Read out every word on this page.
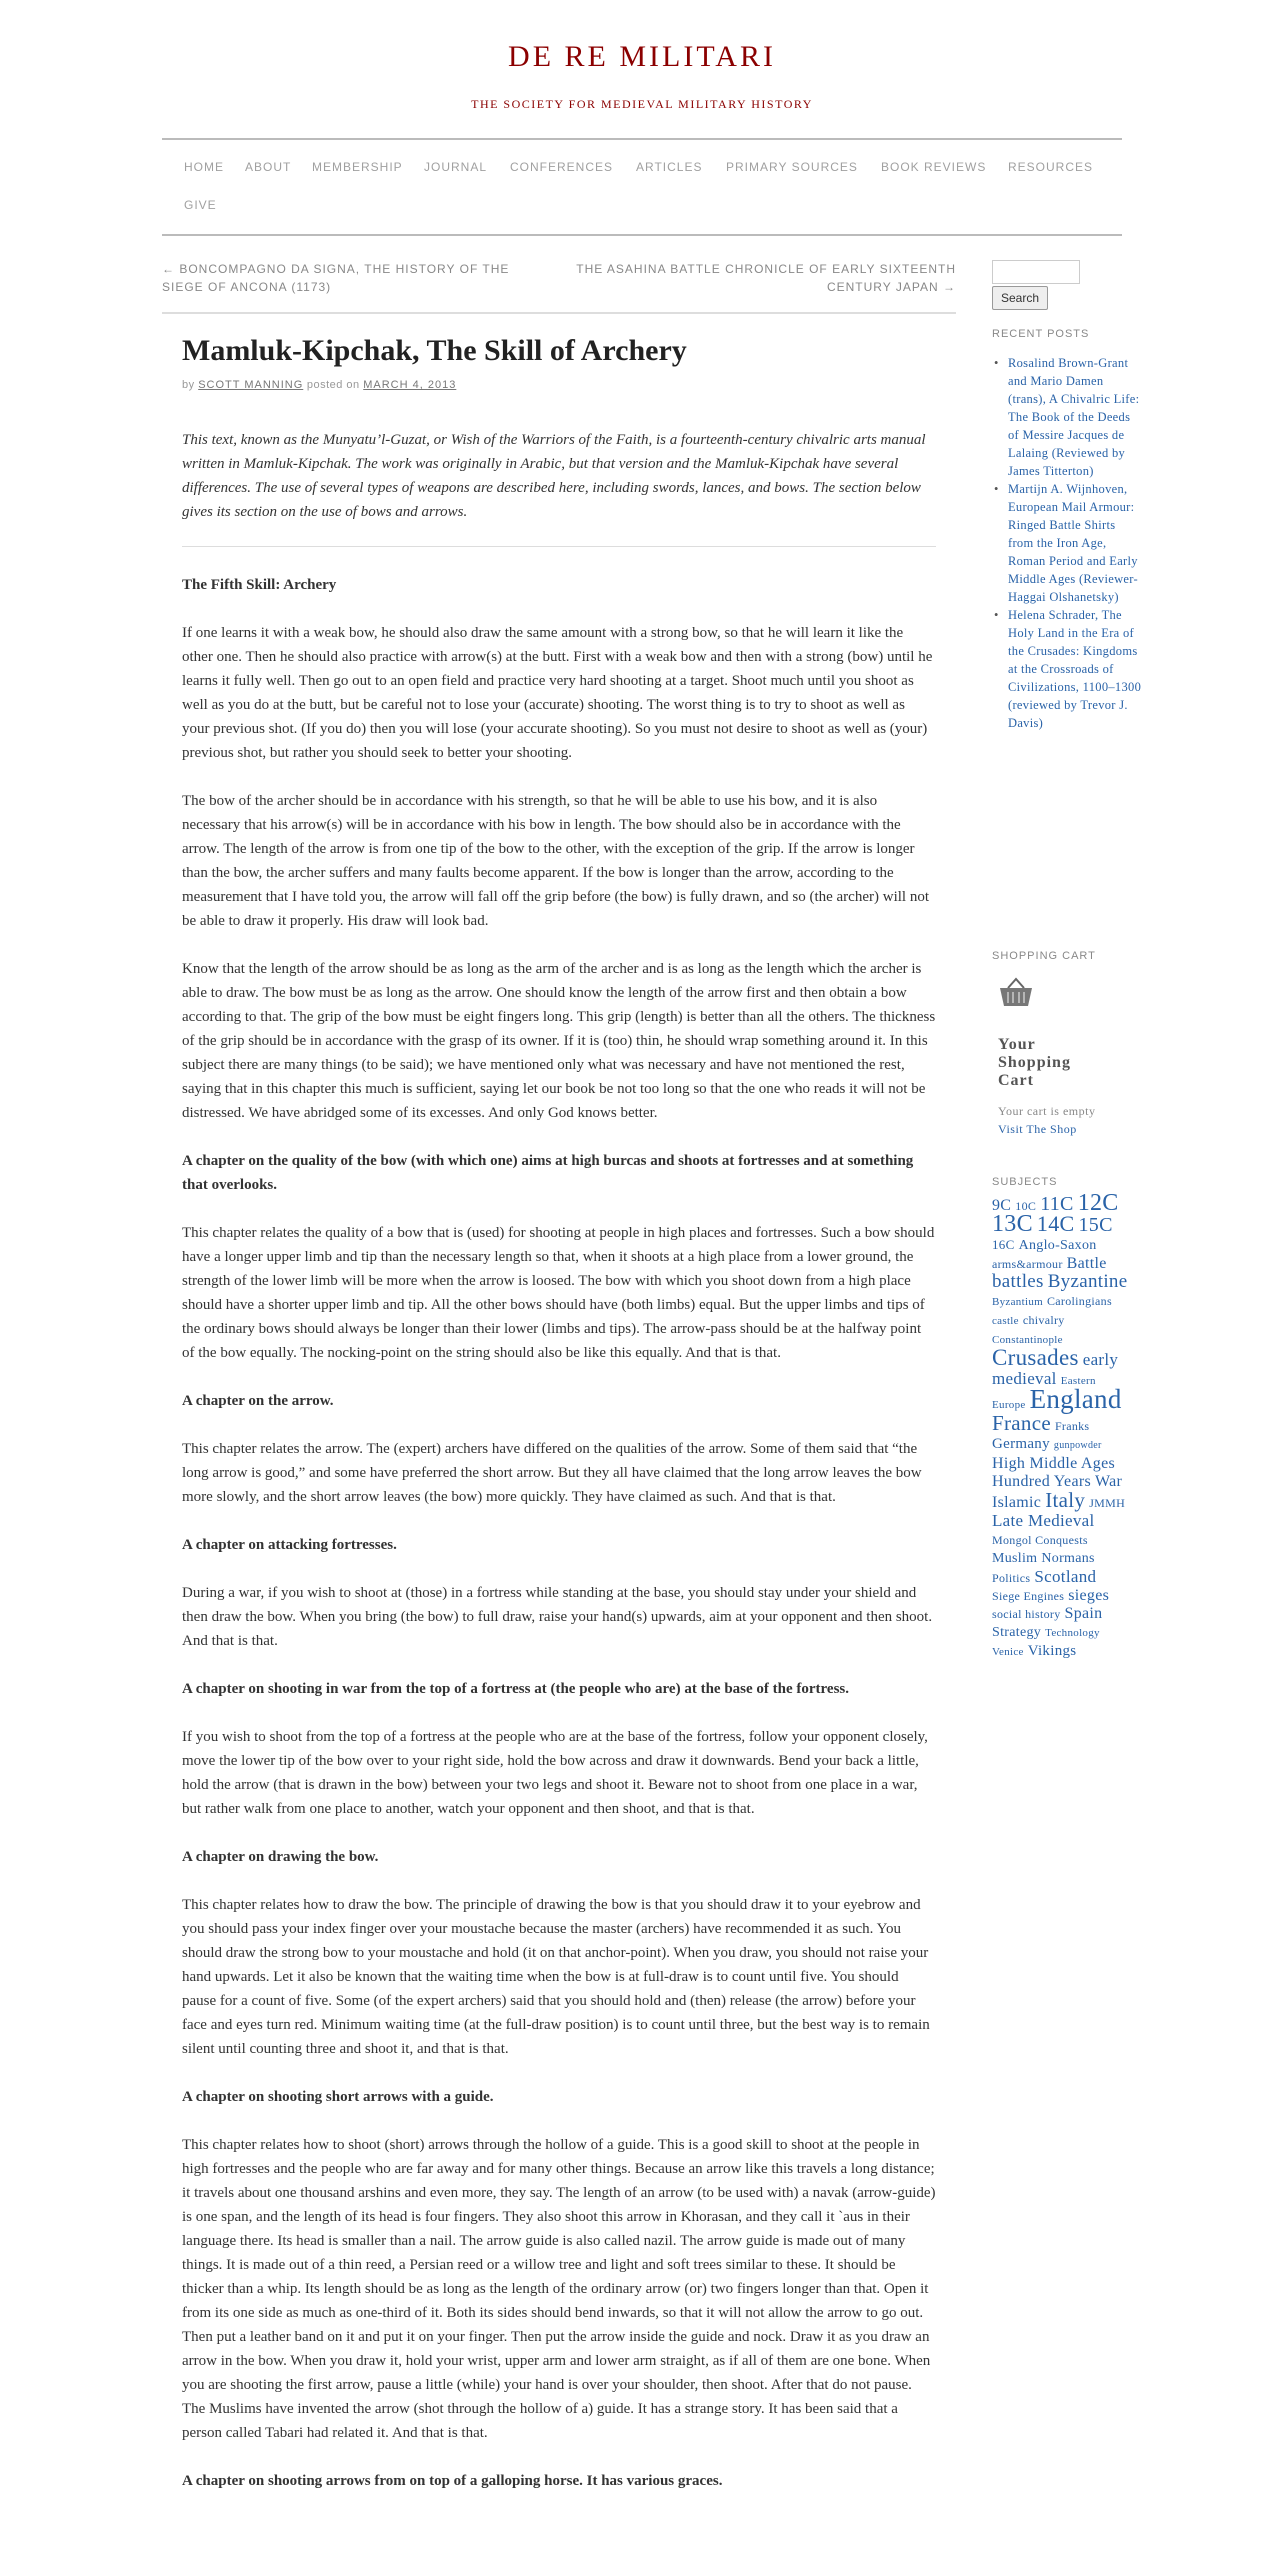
DE RE MILITARI
THE SOCIETY FOR MEDIEVAL MILITARY HISTORY
HOME ABOUT MEMBERSHIP JOURNAL CONFERENCES ARTICLES PRIMARY SOURCES BOOK REVIEWS RESOURCES
GIVE
← BONCOMPAGNO DA SIGNA, THE HISTORY OF THE
SIEGE OF ANCONA (1173)
THE ASAHINA BATTLE CHRONICLE OF EARLY SIXTEENTH
CENTURY JAPAN →
Mamluk-Kipchak, The Skill of Archery
by SCOTT MANNING posted on MARCH 4, 2013

This text, known as the Munyatu’l-Guzat, or Wish of the Warriors of the Faith, is a fourteenth-century chivalric arts manual written in Mamluk-Kipchak. The work was originally in Arabic, but that version and the Mamluk-Kipchak have several differences. The use of several types of weapons are described here, including swords, lances, and bows. The section below gives its section on the use of bows and arrows.

The Fifth Skill: Archery

If one learns it with a weak bow, he should also draw the same amount with a strong bow, so that he will learn it like the other one. Then he should also practice with arrow(s) at the butt. First with a weak bow and then with a strong (bow) until he learns it fully well. Then go out to an open field and practice very hard shooting at a target. Shoot much until you shoot as well as you do at the butt, but be careful not to lose your (accurate) shooting. The worst thing is to try to shoot as well as your previous shot. (If you do) then you will lose (your accurate shooting). So you must not desire to shoot as well as (your) previous shot, but rather you should seek to better your shooting.

The bow of the archer should be in accordance with his strength, so that he will be able to use his bow, and it is also necessary that his arrow(s) will be in accordance with his bow in length. The bow should also be in accordance with the arrow. The length of the arrow is from one tip of the bow to the other, with the exception of the grip. If the arrow is longer than the bow, the archer suffers and many faults become apparent. If the bow is longer than the arrow, according to the measurement that I have told you, the arrow will fall off the grip before (the bow) is fully drawn, and so (the archer) will not be able to draw it properly. His draw will look bad.

Know that the length of the arrow should be as long as the arm of the archer and is as long as the length which the archer is able to draw. The bow must be as long as the arrow. One should know the length of the arrow first and then obtain a bow according to that. The grip of the bow must be eight fingers long. This grip (length) is better than all the others. The thickness of the grip should be in accordance with the grasp of its owner. If it is (too) thin, he should wrap something around it. In this subject there are many things (to be said); we have mentioned only what was necessary and have not mentioned the rest, saying that in this chapter this much is sufficient, saying let our book be not too long so that the one who reads it will not be distressed. We have abridged some of its excesses. And only God knows better.

A chapter on the quality of the bow (with which one) aims at high burcas and shoots at fortresses and at something that overlooks.

This chapter relates the quality of a bow that is (used) for shooting at people in high places and fortresses. Such a bow should have a longer upper limb and tip than the necessary length so that, when it shoots at a high place from a lower ground, the strength of the lower limb will be more when the arrow is loosed. The bow with which you shoot down from a high place should have a shorter upper limb and tip. All the other bows should have (both limbs) equal. But the upper limbs and tips of the ordinary bows should always be longer than their lower (limbs and tips). The arrow-pass should be at the halfway point of the bow equally. The nocking-point on the string should also be like this equally. And that is that.

A chapter on the arrow.

This chapter relates the arrow. The (expert) archers have differed on the qualities of the arrow. Some of them said that “the long arrow is good,” and some have preferred the short arrow. But they all have claimed that the long arrow leaves the bow more slowly, and the short arrow leaves (the bow) more quickly. They have claimed as such. And that is that.

A chapter on attacking fortresses.

During a war, if you wish to shoot at (those) in a fortress while standing at the base, you should stay under your shield and then draw the bow. When you bring (the bow) to full draw, raise your hand(s) upwards, aim at your opponent and then shoot. And that is that.

A chapter on shooting in war from the top of a fortress at (the people who are) at the base of the fortress.

If you wish to shoot from the top of a fortress at the people who are at the base of the fortress, follow your opponent closely, move the lower tip of the bow over to your right side, hold the bow across and draw it downwards. Bend your back a little, hold the arrow (that is drawn in the bow) between your two legs and shoot it. Beware not to shoot from one place in a war, but rather walk from one place to another, watch your opponent and then shoot, and that is that.

A chapter on drawing the bow.

This chapter relates how to draw the bow. The principle of drawing the bow is that you should draw it to your eyebrow and you should pass your index finger over your moustache because the master (archers) have recommended it as such. You should draw the strong bow to your moustache and hold (it on that anchor-point). When you draw, you should not raise your hand upwards. Let it also be known that the waiting time when the bow is at full-draw is to count until five. You should pause for a count of five. Some (of the expert archers) said that you should hold and (then) release (the arrow) before your face and eyes turn red. Minimum waiting time (at the full-draw position) is to count until three, but the best way is to remain silent until counting three and shoot it, and that is that.

A chapter on shooting short arrows with a guide.

This chapter relates how to shoot (short) arrows through the hollow of a guide. This is a good skill to shoot at the people in high fortresses and the people who are far away and for many other things. Because an arrow like this travels a long distance; it travels about one thousand arshins and even more, they say. The length of an arrow (to be used with) a navak (arrow-guide) is one span, and the length of its head is four fingers. They also shoot this arrow in Khorasan, and they call it `aus in their language there. Its head is smaller than a nail. The arrow guide is also called nazil. The arrow guide is made out of many things. It is made out of a thin reed, a Persian reed or a willow tree and light and soft trees similar to these. It should be thicker than a whip. Its length should be as long as the length of the ordinary arrow (or) two fingers longer than that. Open it from its one side as much as one-third of it. Both its sides should bend inwards, so that it will not allow the arrow to go out. Then put a leather band on it and put it on your finger. Then put the arrow inside the guide and nock. Draw it as you draw an arrow in the bow. When you draw it, hold your wrist, upper arm and lower arm straight, as if all of them are one bone. When you are shooting the first arrow, pause a little (while) your hand is over your shoulder, then shoot. After that do not pause. The Muslims have invented the arrow (shot through the hollow of a) guide. It has a strange story. It has been said that a person called Tabari had related it. And that is that.

A chapter on shooting arrows from on top of a galloping horse. It has various graces.

Search
RECENT POSTS
• Rosalind Brown-Grant and Mario Damen (trans), A Chivalric Life: The Book of the Deeds of Messire Jacques de Lalaing (Reviewed by James Titterton)
• Martijn A. Wijnhoven, European Mail Armour: Ringed Battle Shirts from the Iron Age, Roman Period and Early Middle Ages (Reviewer-Haggai Olshanetsky)
• Helena Schrader, The Holy Land in the Era of the Crusades: Kingdoms at the Crossroads of Civilizations, 1100–1300 (reviewed by Trevor J. Davis)
SHOPPING CART
Your Shopping Cart
Your cart is empty
Visit The Shop
SUBJECTS
9C 10C 11C 12C 13C 14C 15C 16C Anglo-Saxon arms&armour Battle battles Byzantine Byzantium Carolingians castle chivalry Constantinople Crusades early medieval Eastern Europe England France Franks Germany gunpowder High Middle Ages Hundred Years War Islamic Italy JMMH Late Medieval Mongol Conquests Muslim Normans Politics Scotland Siege Engines sieges social history Spain Strategy Technology Venice Vikings
